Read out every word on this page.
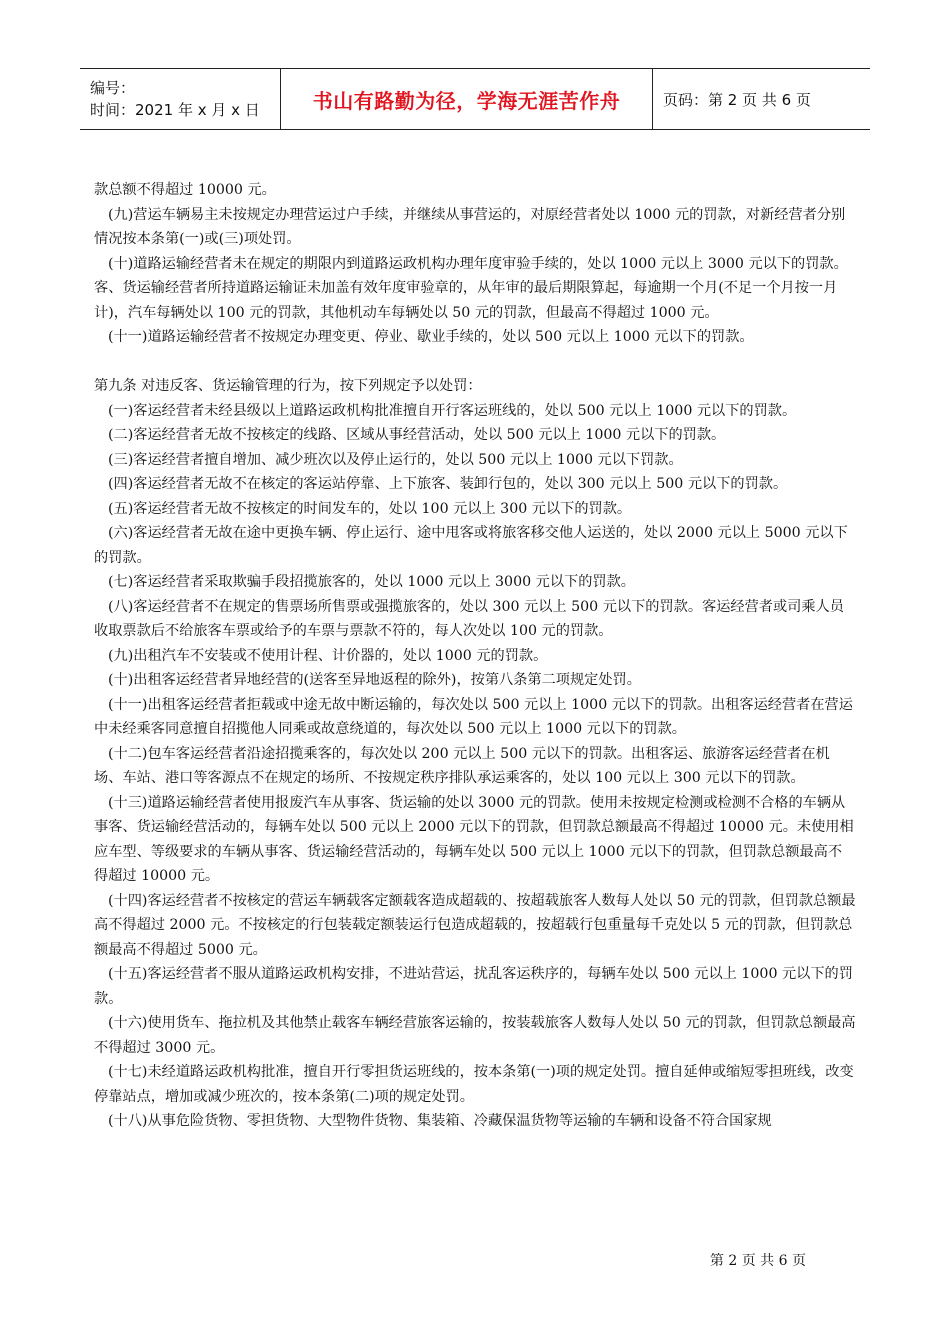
编号：
时间：2021 年 x 月 x 日	书山有路勤为径，学海无涯苦作舟	页码：第 2 页 共 6 页

款总额不得超过 10000 元。

(九)营运车辆易主未按规定办理营运过户手续，并继续从事营运的，对原经营者处以 1000 元的罚款，对新经营者分别情况按本条第(一)或(三)项处罚。

(十)道路运输经营者未在规定的期限内到道路运政机构办理年度审验手续的，处以 1000 元以上 3000 元以下的罚款。客、货运输经营者所持道路运输证未加盖有效年度审验章的，从年审的最后期限算起，每逾期一个月(不足一个月按一月计)，汽车每辆处以 100 元的罚款，其他机动车每辆处以 50 元的罚款，但最高不得超过 1000 元。

(十一)道路运输经营者不按规定办理变更、停业、歇业手续的，处以 500 元以上 1000 元以下的罚款。

第九条 对违反客、货运输管理的行为，按下列规定予以处罚：

(一)客运经营者未经县级以上道路运政机构批准擅自开行客运班线的，处以 500 元以上 1000 元以下的罚款。

(二)客运经营者无故不按核定的线路、区域从事经营活动，处以 500 元以上 1000 元以下的罚款。

(三)客运经营者擅自增加、减少班次以及停止运行的，处以 500 元以上 1000 元以下罚款。

(四)客运经营者无故不在核定的客运站停靠、上下旅客、装卸行包的，处以 300 元以上 500 元以下的罚款。

(五)客运经营者无故不按核定的时间发车的，处以 100 元以上 300 元以下的罚款。

(六)客运经营者无故在途中更换车辆、停止运行、途中甩客或将旅客移交他人运送的，处以 2000 元以上 5000 元以下的罚款。

(七)客运经营者采取欺骗手段招揽旅客的，处以 1000 元以上 3000 元以下的罚款。

(八)客运经营者不在规定的售票场所售票或强揽旅客的，处以 300 元以上 500 元以下的罚款。客运经营者或司乘人员收取票款后不给旅客车票或给予的车票与票款不符的，每人次处以 100 元的罚款。

(九)出租汽车不安装或不使用计程、计价器的，处以 1000 元的罚款。

(十)出租客运经营者异地经营的(送客至异地返程的除外)，按第八条第二项规定处罚。

(十一)出租客运经营者拒载或中途无故中断运输的，每次处以 500 元以上 1000 元以下的罚款。出租客运经营者在营运中未经乘客同意擅自招揽他人同乘或故意绕道的，每次处以 500 元以上 1000 元以下的罚款。

(十二)包车客运经营者沿途招揽乘客的，每次处以 200 元以上 500 元以下的罚款。出租客运、旅游客运经营者在机场、车站、港口等客源点不在规定的场所、不按规定秩序排队承运乘客的，处以 100 元以上 300 元以下的罚款。

(十三)道路运输经营者使用报废汽车从事客、货运输的处以 3000 元的罚款。使用未按规定检测或检测不合格的车辆从事客、货运输经营活动的，每辆车处以 500 元以上 2000 元以下的罚款，但罚款总额最高不得超过 10000 元。未使用相应车型、等级要求的车辆从事客、货运输经营活动的，每辆车处以 500 元以上 1000 元以下的罚款，但罚款总额最高不得超过 10000 元。

(十四)客运经营者不按核定的营运车辆载客定额载客造成超载的、按超载旅客人数每人处以 50 元的罚款，但罚款总额最高不得超过 2000 元。不按核定的行包装载定额装运行包造成超载的，按超载行包重量每千克处以 5 元的罚款，但罚款总额最高不得超过 5000 元。

(十五)客运经营者不服从道路运政机构安排，不进站营运，扰乱客运秩序的，每辆车处以 500 元以上 1000 元以下的罚款。

(十六)使用货车、拖拉机及其他禁止载客车辆经营旅客运输的，按装载旅客人数每人处以 50 元的罚款，但罚款总额最高不得超过 3000 元。

(十七)未经道路运政机构批准，擅自开行零担货运班线的，按本条第(一)项的规定处罚。擅自延伸或缩短零担班线，改变停靠站点，增加或减少班次的，按本条第(二)项的规定处罚。

(十八)从事危险货物、零担货物、大型物件货物、集装箱、冷藏保温货物等运输的车辆和设备不符合国家规

第 2 页 共 6 页
